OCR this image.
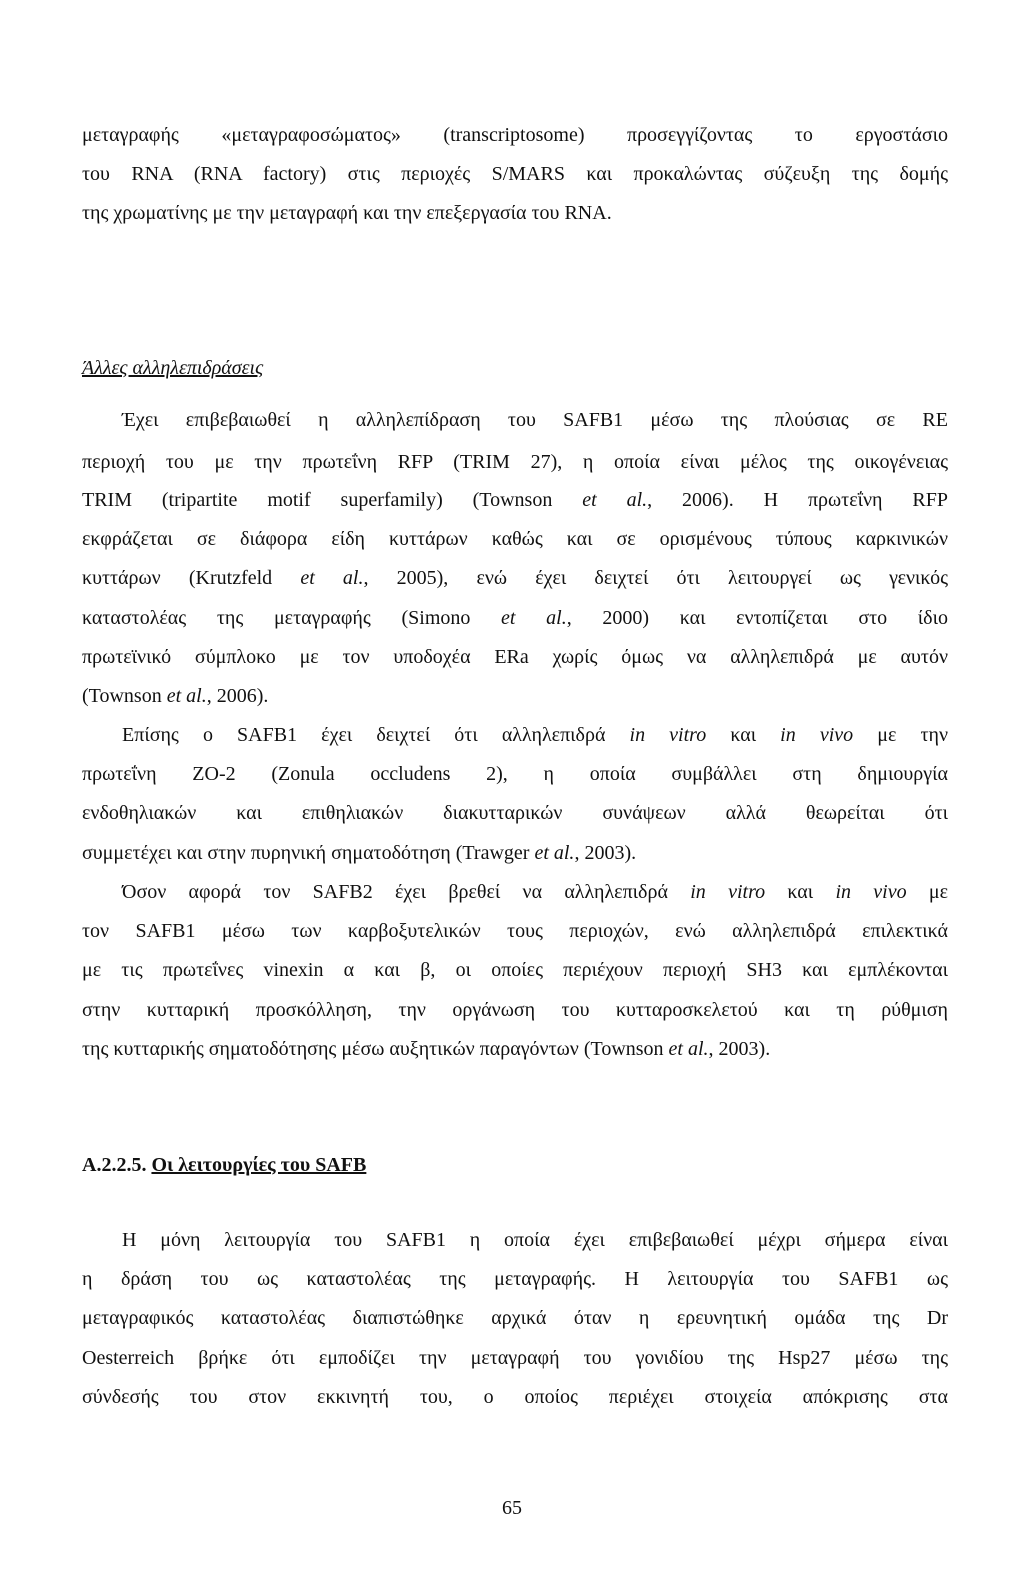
μεταγραφής «μεταγραφοσώματος» (transcriptosome) προσεγγίζοντας το εργοστάσιο
του RNA (RNA factory) στις περιοχές S/MARS και προκαλώντας σύζευξη της δομής
της χρωματίνης με την μεταγραφή και την επεξεργασία του RNA.
Άλλες αλληλεπιδράσεις
Έχει επιβεβαιωθεί η αλληλεπίδραση του SAFB1 μέσω της πλούσιας σε RE
περιοχή του με την πρωτεΐνη RFP (TRIM 27), η οποία είναι μέλος της οικογένειας
TRIM (tripartite motif superfamily) (Townson et al., 2006). Η πρωτεΐνη RFP
εκφράζεται σε διάφορα είδη κυττάρων καθώς και σε ορισμένους τύπους καρκινικών
κυττάρων (Krutzfeld et al., 2005), ενώ έχει δειχτεί ότι λειτουργεί ως γενικός
καταστολέας της μεταγραφής (Simono et al., 2000) και εντοπίζεται στο ίδιο
πρωτεϊνικό σύμπλοκο με τον υποδοχέα ERa χωρίς όμως να αλληλεπιδρά με αυτόν
(Townson et al., 2006).
Επίσης ο SAFB1 έχει δειχτεί ότι αλληλεπιδρά in vitro και in vivo με την
πρωτεΐνη ZO-2 (Zonula occludens 2), η οποία συμβάλλει στη δημιουργία
ενδοθηλιακών και επιθηλιακών διακυτταρικών συνάψεων αλλά θεωρείται ότι
συμμετέχει και στην πυρηνική σηματοδότηση (Trawger et al., 2003).
Όσον αφορά τον SAFB2 έχει βρεθεί να αλληλεπιδρά in vitro και in vivo με
τον SAFB1 μέσω των καρβοξυτελικών τους περιοχών, ενώ αλληλεπιδρά επιλεκτικά
με τις πρωτεΐνες vinexin α και β, οι οποίες περιέχουν περιοχή SH3 και εμπλέκονται
στην κυτταρική προσκόλληση, την οργάνωση του κυτταροσκελετού και τη ρύθμιση
της κυτταρικής σηματοδότησης μέσω αυξητικών παραγόντων (Townson et al., 2003).
A.2.2.5. Οι λειτουργίες του SAFB
Η μόνη λειτουργία του SAFB1 η οποία έχει επιβεβαιωθεί μέχρι σήμερα είναι
η δράση του ως καταστολέας της μεταγραφής. Η λειτουργία του SAFB1 ως
μεταγραφικός καταστολέας διαπιστώθηκε αρχικά όταν η ερευνητική ομάδα της Dr
Oesterreich βρήκε ότι εμποδίζει την μεταγραφή του γονιδίου της Hsp27 μέσω της
σύνδεσής του στον εκκινητή του, ο οποίος περιέχει στοιχεία απόκρισης στα
65
